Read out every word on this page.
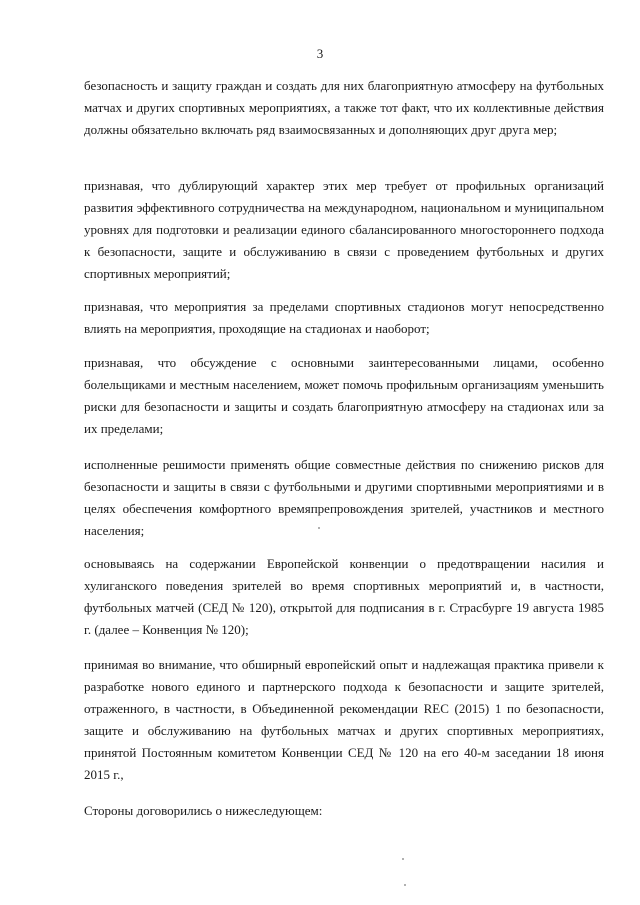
3

безопасность и защиту граждан и создать для них благоприятную атмосферу на футбольных матчах и других спортивных мероприятиях, а также тот факт, что их коллективные действия должны обязательно включать ряд взаимосвязанных и дополняющих друг друга мер;

признавая, что дублирующий характер этих мер требует от профильных организаций развития эффективного сотрудничества на международном, национальном и муниципальном уровнях для подготовки и реализации единого сбалансированного многостороннего подхода к безопасности, защите и обслуживанию в связи с проведением футбольных и других спортивных мероприятий;

признавая, что мероприятия за пределами спортивных стадионов могут непосредственно влиять на мероприятия, проходящие на стадионах и наоборот;

признавая, что обсуждение с основными заинтересованными лицами, особенно болельщиками и местным населением, может помочь профильным организациям уменьшить риски для безопасности и защиты и создать благоприятную атмосферу на стадионах или за их пределами;

исполненные решимости применять общие совместные действия по снижению рисков для безопасности и защиты в связи с футбольными и другими спортивными мероприятиями и в целях обеспечения комфортного времяпрепровождения зрителей, участников и местного населения;

основываясь на содержании Европейской конвенции о предотвращении насилия и хулиганского поведения зрителей во время спортивных мероприятий и, в частности, футбольных матчей (СЕД № 120), открытой для подписания в г. Страсбурге 19 августа 1985 г. (далее – Конвенция № 120);

принимая во внимание, что обширный европейский опыт и надлежащая практика привели к разработке нового единого и партнерского подхода к безопасности и защите зрителей, отраженного, в частности, в Объединенной рекомендации REC (2015) 1 по безопасности, защите и обслуживанию на футбольных матчах и других спортивных мероприятиях, принятой Постоянным комитетом Конвенции СЕД № 120 на его 40-м заседании 18 июня 2015 г.,

Стороны договорились о нижеследующем:
